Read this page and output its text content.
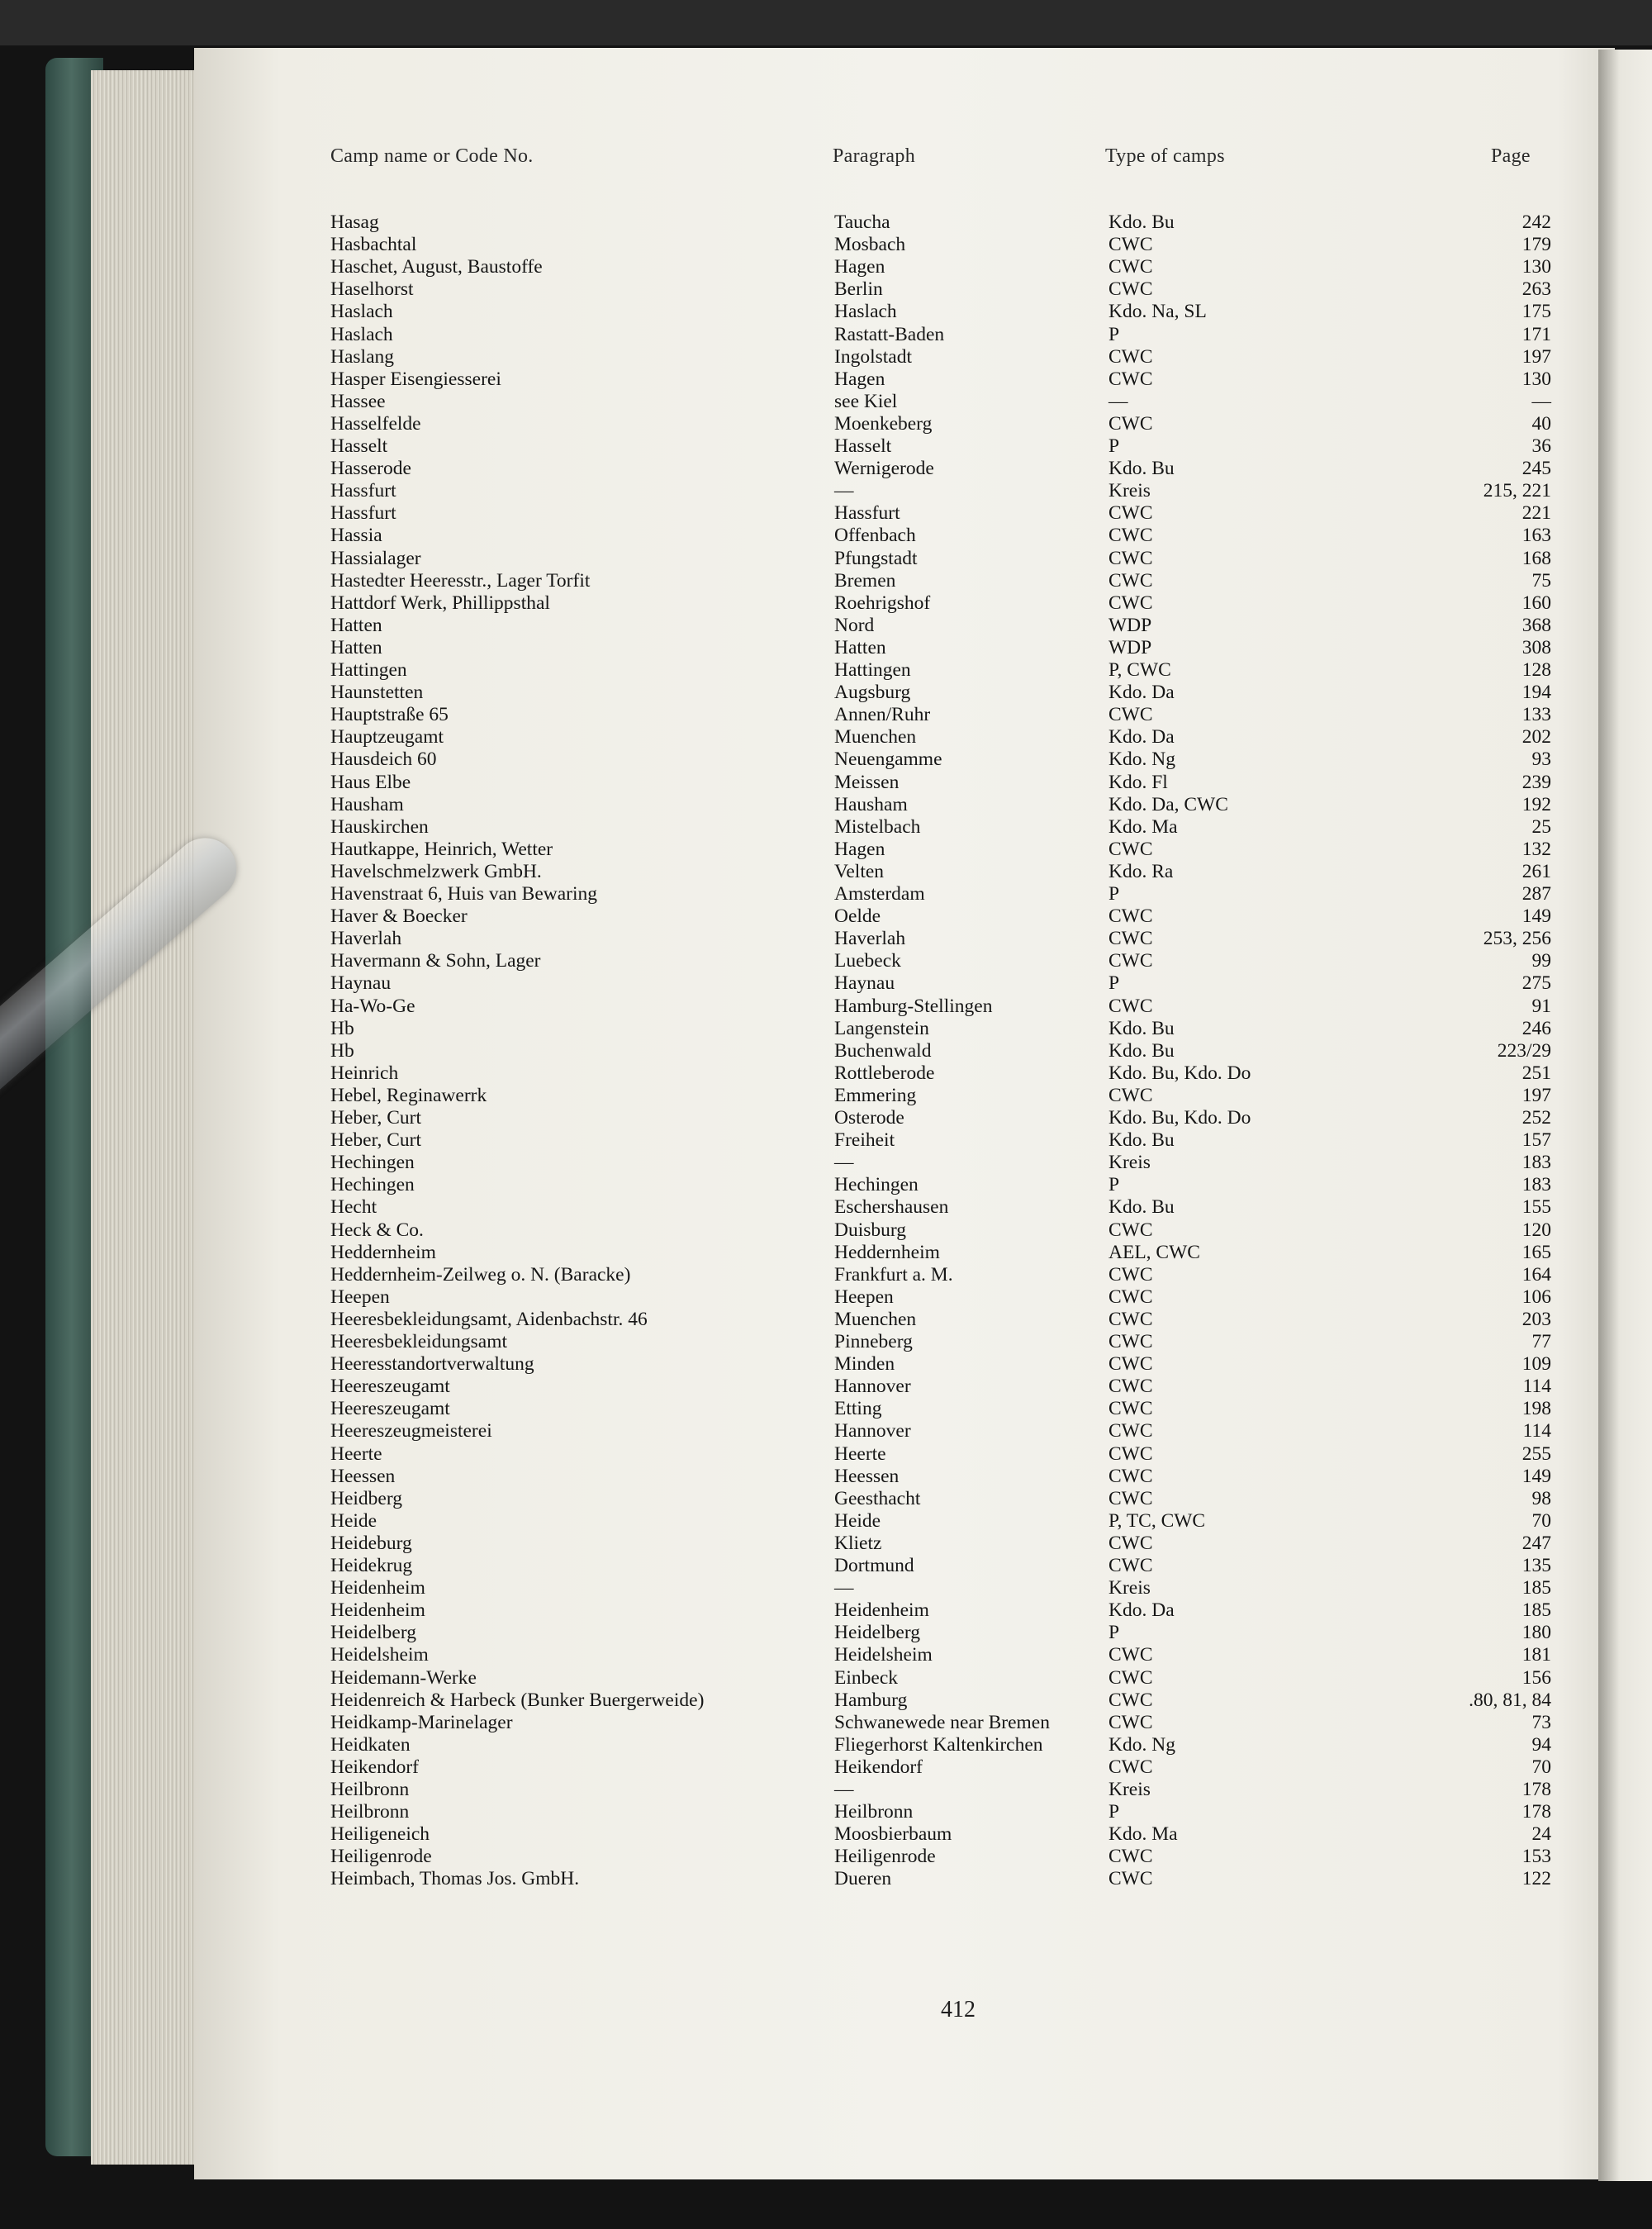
Camp name or Code No.	Paragraph	Type of camps	Page
Hasag	Taucha	Kdo. Bu	242
Hasbachtal	Mosbach	CWC	179
Haschet, August, Baustoffe	Hagen	CWC	130
Haselhorst	Berlin	CWC	263
Haslach	Haslach	Kdo. Na, SL	175
Haslach	Rastatt-Baden	P	171
Haslang	Ingolstadt	CWC	197
Hasper Eisengiesserei	Hagen	CWC	130
Hassee	see Kiel	—	—
Hasselfelde	Moenkeberg	CWC	40
Hasselt	Hasselt	P	36
Hasserode	Wernigerode	Kdo. Bu	245
Hassfurt	—	Kreis	215, 221
Hassfurt	Hassfurt	CWC	221
Hassia	Offenbach	CWC	163
Hassialager	Pfungstadt	CWC	168
Hastedter Heeresstr., Lager Torfit	Bremen	CWC	75
Hattdorf Werk, Phillippsthal	Roehrigshof	CWC	160
Hatten	Nord	WDP	368
Hatten	Hatten	WDP	308
Hattingen	Hattingen	P, CWC	128
Haunstetten	Augsburg	Kdo. Da	194
Hauptstraße 65	Annen/Ruhr	CWC	133
Hauptzeugamt	Muenchen	Kdo. Da	202
Hausdeich 60	Neuengamme	Kdo. Ng	93
Haus Elbe	Meissen	Kdo. Fl	239
Hausham	Hausham	Kdo. Da, CWC	192
Hauskirchen	Mistelbach	Kdo. Ma	25
Hautkappe, Heinrich, Wetter	Hagen	CWC	132
Havelschmelzwerk GmbH.	Velten	Kdo. Ra	261
Havenstraat 6, Huis van Bewaring	Amsterdam	P	287
Haver & Boecker	Oelde	CWC	149
Haverlah	Haverlah	CWC	253, 256
Havermann & Sohn, Lager	Luebeck	CWC	99
Haynau	Haynau	P	275
Ha-Wo-Ge	Hamburg-Stellingen	CWC	91
Hb	Langenstein	Kdo. Bu	246
Hb	Buchenwald	Kdo. Bu	223/29
Heinrich	Rottleberode	Kdo. Bu, Kdo. Do	251
Hebel, Reginawerrk	Emmering	CWC	197
Heber, Curt	Osterode	Kdo. Bu, Kdo. Do	252
Heber, Curt	Freiheit	Kdo. Bu	157
Hechingen	—	Kreis	183
Hechingen	Hechingen	P	183
Hecht	Eschershausen	Kdo. Bu	155
Heck & Co.	Duisburg	CWC	120
Heddernheim	Heddernheim	AEL, CWC	165
Heddernheim-Zeilweg o. N. (Baracke)	Frankfurt a. M.	CWC	164
Heepen	Heepen	CWC	106
Heeresbekleidungsamt, Aidenbachstr. 46	Muenchen	CWC	203
Heeresbekleidungsamt	Pinneberg	CWC	77
Heeresstandortverwaltung	Minden	CWC	109
Heereszeugamt	Hannover	CWC	114
Heereszeugamt	Etting	CWC	198
Heereszeugmeisterei	Hannover	CWC	114
Heerte	Heerte	CWC	255
Heessen	Heessen	CWC	149
Heidberg	Geesthacht	CWC	98
Heide	Heide	P, TC, CWC	70
Heideburg	Klietz	CWC	247
Heidekrug	Dortmund	CWC	135
Heidenheim	—	Kreis	185
Heidenheim	Heidenheim	Kdo. Da	185
Heidelberg	Heidelberg	P	180
Heidelsheim	Heidelsheim	CWC	181
Heidemann-Werke	Einbeck	CWC	156
Heidenreich & Harbeck (Bunker Buergerweide)	Hamburg	CWC	.80, 81, 84
Heidkamp-Marinelager	Schwanewede near Bremen	CWC	73
Heidkaten	Fliegerhorst Kaltenkirchen	Kdo. Ng	94
Heikendorf	Heikendorf	CWC	70
Heilbronn	—	Kreis	178
Heilbronn	Heilbronn	P	178
Heiligeneich	Moosbierbaum	Kdo. Ma	24
Heiligenrode	Heiligenrode	CWC	153
Heimbach, Thomas Jos. GmbH.	Dueren	CWC	122
412
